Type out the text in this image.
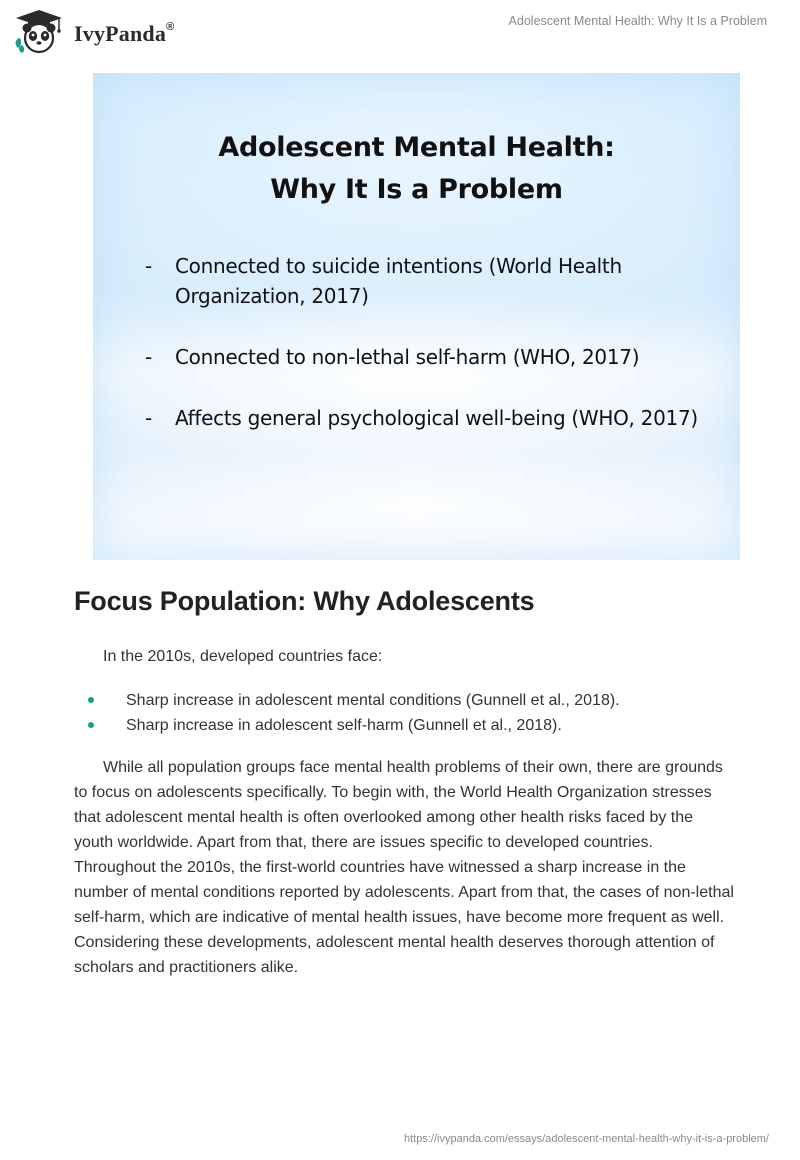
IvyPanda®	Adolescent Mental Health: Why It Is a Problem
Adolescent Mental Health:
Why It Is a Problem
- Connected to suicide intentions (World Health Organization, 2017)
- Connected to non-lethal self-harm (WHO, 2017)
- Affects general psychological well-being (WHO, 2017)
Focus Population: Why Adolescents

In the 2010s, developed countries face:

Sharp increase in adolescent mental conditions (Gunnell et al., 2018).
Sharp increase in adolescent self-harm (Gunnell et al., 2018).

While all population groups face mental health problems of their own, there are grounds to focus on adolescents specifically. To begin with, the World Health Organization stresses that adolescent mental health is often overlooked among other health risks faced by the youth worldwide. Apart from that, there are issues specific to developed countries. Throughout the 2010s, the first-world countries have witnessed a sharp increase in the number of mental conditions reported by adolescents. Apart from that, the cases of non-lethal self-harm, which are indicative of mental health issues, have become more frequent as well. Considering these developments, adolescent mental health deserves thorough attention of scholars and practitioners alike.

https://ivypanda.com/essays/adolescent-mental-health-why-it-is-a-problem/
